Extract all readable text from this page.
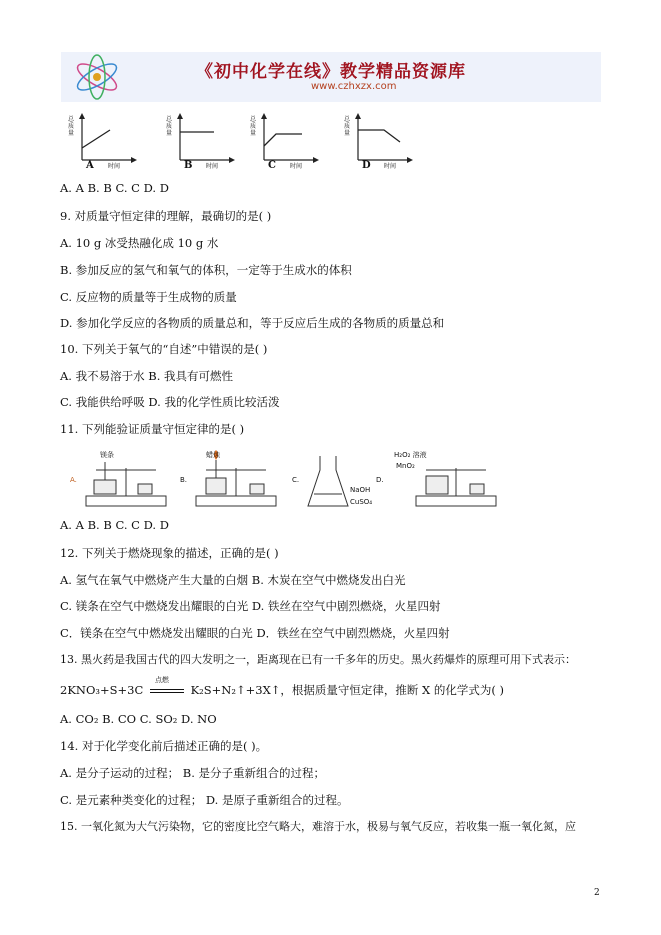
《初中化学在线》教学精品资源库
www.czhxzx.com
总质量
时间
A
总质量
时间
B
总质量
时间
C
总质量
时间
D
A. A B. B C. C D. D
9. 对质量守恒定律的理解，最确切的是( )
A. 10 g 冰受热融化成 10 g 水
B. 参加反应的氢气和氧气的体积，一定等于生成水的体积
C. 反应物的质量等于生成物的质量
D. 参加化学反应的各物质的质量总和，等于反应后生成的各物质的质量总和
10. 下列关于氧气的“自述”中错误的是( )
A. 我不易溶于水 B. 我具有可燃性
C. 我能供给呼吸 D. 我的化学性质比较活泼
11. 下列能验证质量守恒定律的是( )
A.
镁条
B.
蜡烛
C.
NaOH
CuSO₄
D.
H₂O₂ 溶液
MnO₂
A. A B. B C. C D. D
12. 下列关于燃烧现象的描述，正确的是( )
A. 氢气在氧气中燃烧产生大量的白烟 B. 木炭在空气中燃烧发出白光
C. 镁条在空气中燃烧发出耀眼的白光 D. 铁丝在空气中剧烈燃烧，火星四射
C．镁条在空气中燃烧发出耀眼的白光 D．铁丝在空气中剧烈燃烧，火星四射
13. 黑火药是我国古代的四大发明之一，距离现在已有一千多年的历史。黑火药爆炸的原理可用下式表示：
2KNO₃+S+3C
点燃
K₂S+N₂↑+3X↑，根据质量守恒定律，推断 X 的化学式为( )
A. CO₂ B. CO C. SO₂ D. NO
14. 对于化学变化前后描述正确的是( )。
A. 是分子运动的过程； B. 是分子重新组合的过程；
C. 是元素种类变化的过程； D. 是原子重新组合的过程。
15. 一氧化氮为大气污染物，它的密度比空气略大，难溶于水，极易与氧气反应，若收集一瓶一氧化氮，应
2
